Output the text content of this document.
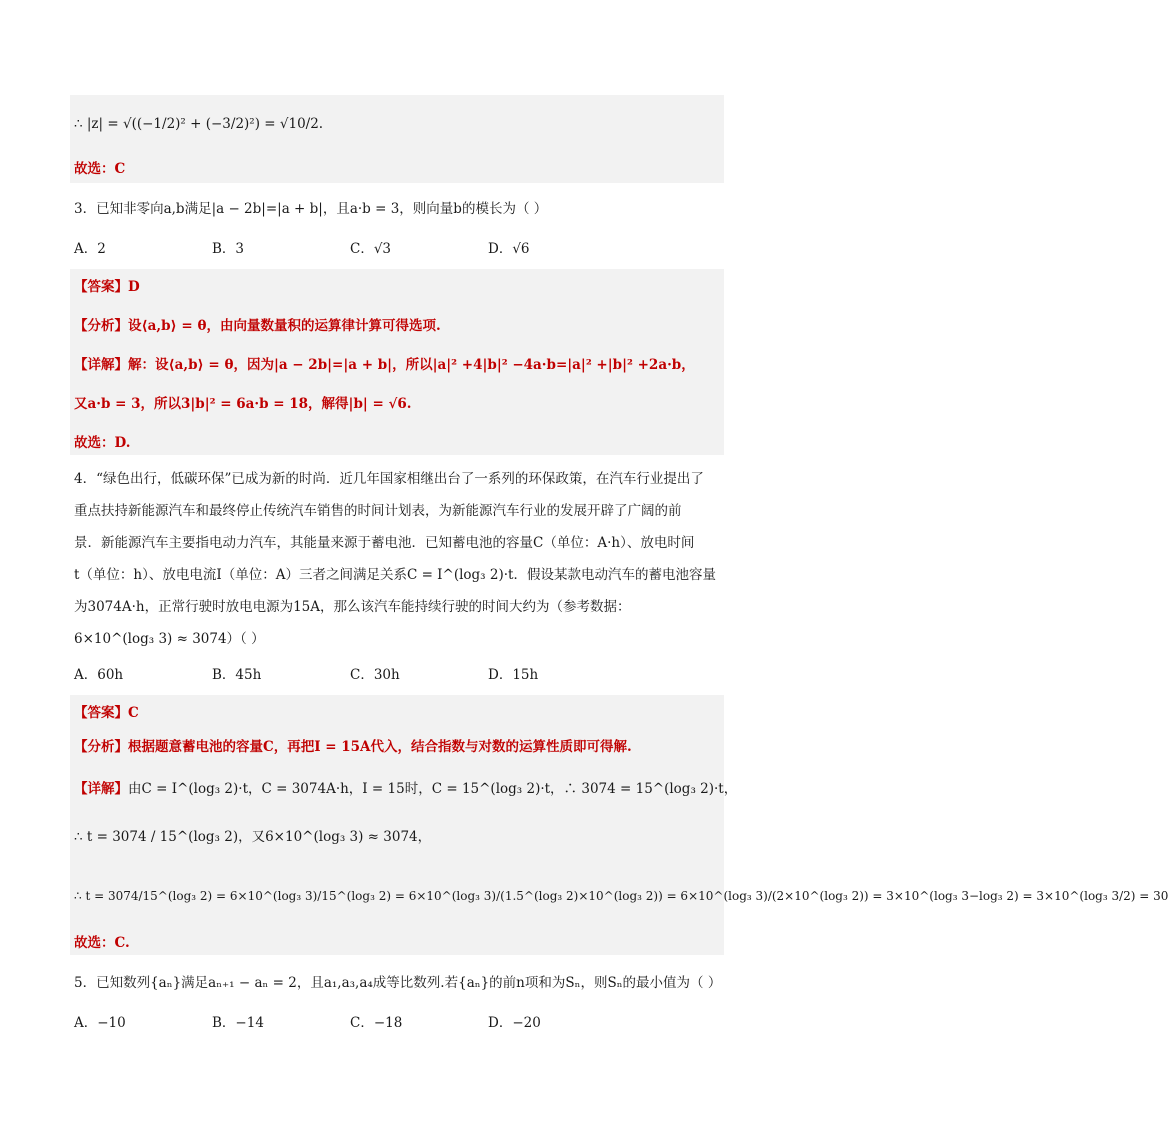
∴ |z| = √((−1/2)² + (−3/2)²) = √10/2.
故选：C
3．已知非零向a,b满足|a − 2b|=|a + b|，且a·b = 3，则向量b的模长为（ ）
A．2	B．3	C．√3	D．√6
【答案】D
【分析】设⟨a,b⟩ = θ，由向量数量积的运算律计算可得选项.
【详解】解：设⟨a,b⟩ = θ，因为|a − 2b|=|a + b|，所以|a|² +4|b|² −4a·b=|a|² +|b|² +2a·b，
又a·b = 3，所以3|b|² = 6a·b = 18，解得|b| = √6.
故选：D.
4．“绿色出行，低碳环保”已成为新的时尚．近几年国家相继出台了一系列的环保政策，在汽车行业提出了
重点扶持新能源汽车和最终停止传统汽车销售的时间计划表，为新能源汽车行业的发展开辟了广阔的前
景．新能源汽车主要指电动力汽车，其能量来源于蓄电池．已知蓄电池的容量C（单位：A·h）、放电时间
t（单位：h）、放电电流I（单位：A）三者之间满足关系C = I^(log₃ 2)·t．假设某款电动汽车的蓄电池容量
为3074A·h，正常行驶时放电电源为15A，那么该汽车能持续行驶的时间大约为（参考数据：
6×10^(log₃ 3) ≈ 3074）（ ）
A．60h	B．45h	C．30h	D．15h
【答案】C
【分析】根据题意蓄电池的容量C，再把I = 15A代入，结合指数与对数的运算性质即可得解.
【详解】由C = I^(log₃ 2)·t，C = 3074A·h，I = 15时，C = 15^(log₃ 2)·t，∴ 3074 = 15^(log₃ 2)·t，
∴ t = 3074 / 15^(log₃ 2)，又6×10^(log₃ 3) ≈ 3074，
∴ t = 3074/15^(log₃ 2) = 6×10^(log₃ 3)/15^(log₃ 2) = 6×10^(log₃ 3)/(1.5^(log₃ 2)×10^(log₃ 2)) = 6×10^(log₃ 3)/(2×10^(log₃ 2)) = 3×10^(log₃ 3−log₃ 2) = 3×10^(log₃ 3/2) = 30
故选：C.
5．已知数列{aₙ}满足aₙ₊₁ − aₙ = 2，且a₁,a₃,a₄成等比数列.若{aₙ}的前n项和为Sₙ，则Sₙ的最小值为（ ）
A．−10	B．−14	C．−18	D．−20
